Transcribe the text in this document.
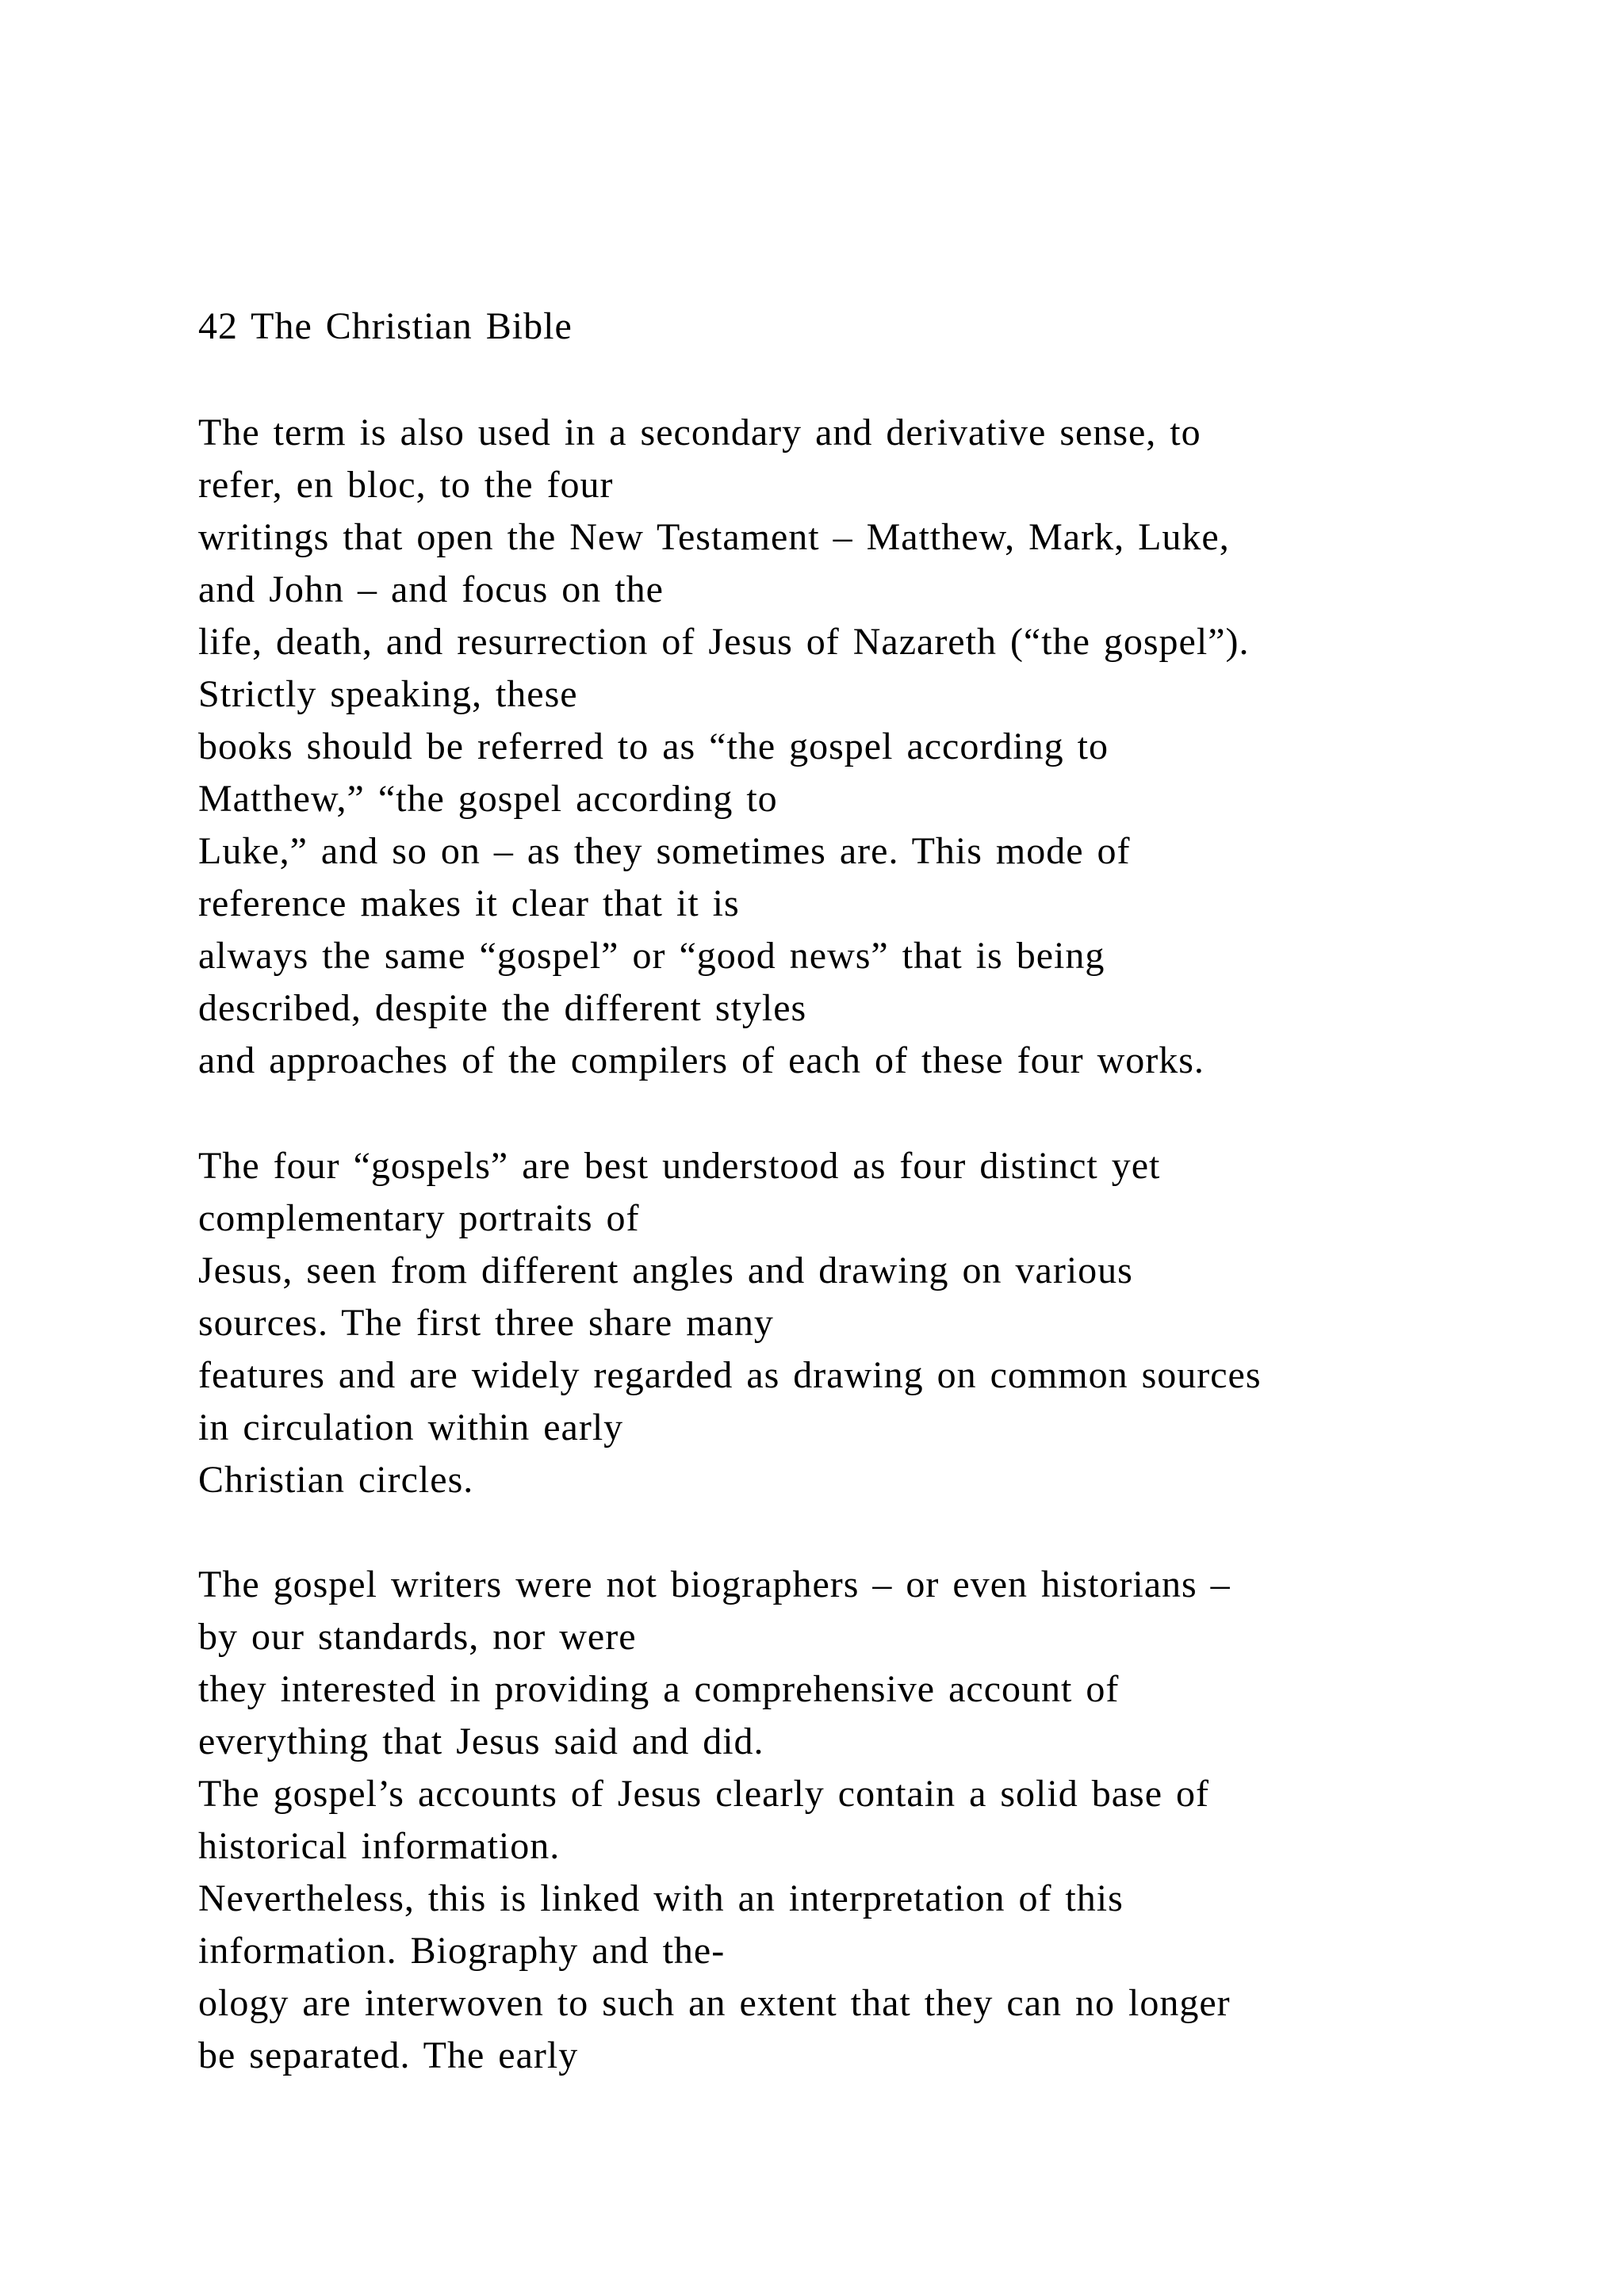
42 The Christian Bible
The term is also used in a secondary and derivative sense, to
refer, en bloc, to the four
writings that open the New Testament – Matthew, Mark, Luke,
and John – and focus on the
life, death, and resurrection of Jesus of Nazareth (“the gospel”).
Strictly speaking, these
books should be referred to as “the gospel according to
Matthew,” “the gospel according to
Luke,” and so on – as they sometimes are. This mode of
reference makes it clear that it is
always the same “gospel” or “good news” that is being
described, despite the different styles
and approaches of the compilers of each of these four works.
The four “gospels” are best understood as four distinct yet
complementary portraits of
Jesus, seen from different angles and drawing on various
sources. The first three share many
features and are widely regarded as drawing on common sources
in circulation within early
Christian circles.
The gospel writers were not biographers – or even historians –
by our standards, nor were
they interested in providing a comprehensive account of
everything that Jesus said and did.
The gospel’s accounts of Jesus clearly contain a solid base of
historical information.
Nevertheless, this is linked with an interpretation of this
information. Biography and the-
ology are interwoven to such an extent that they can no longer
be separated. The early
